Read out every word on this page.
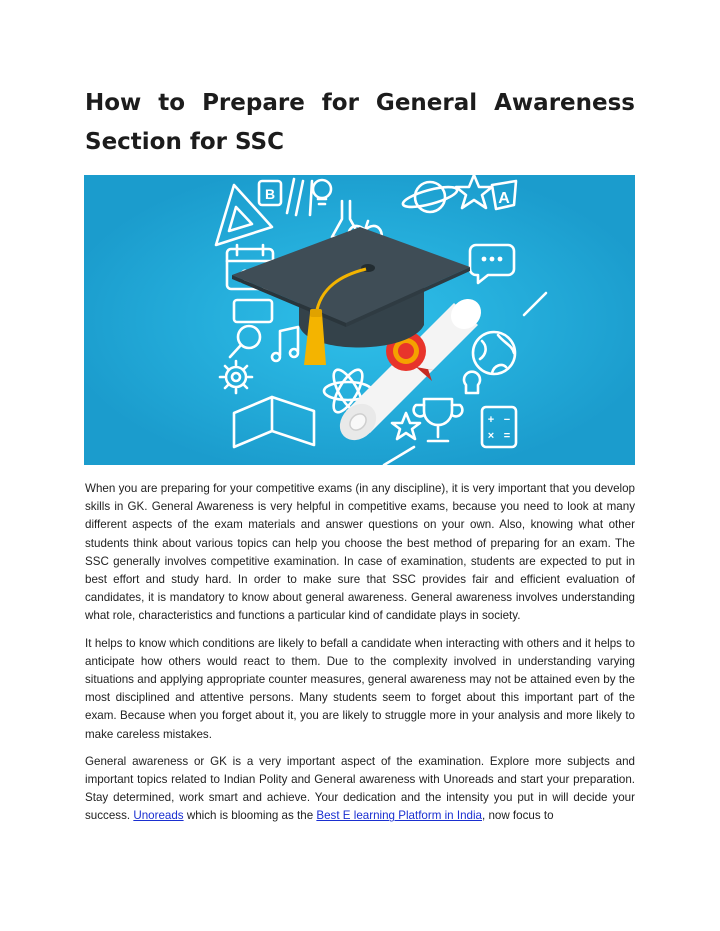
How to Prepare for General Awareness Section for SSC
B	A
+ −
× =

When you are preparing for your competitive exams (in any discipline), it is very important that you develop skills in GK. General Awareness is very helpful in competitive exams, because you need to look at many different aspects of the exam materials and answer questions on your own. Also, knowing what other students think about various topics can help you choose the best method of preparing for an exam. The SSC generally involves competitive examination. In case of examination, students are expected to put in best effort and study hard. In order to make sure that SSC provides fair and efficient evaluation of candidates, it is mandatory to know about general awareness. General awareness involves understanding what role, characteristics and functions a particular kind of candidate plays in society.

It helps to know which conditions are likely to befall a candidate when interacting with others and it helps to anticipate how others would react to them. Due to the complexity involved in understanding varying situations and applying appropriate counter measures, general awareness may not be attained even by the most disciplined and attentive persons. Many students seem to forget about this important part of the exam. Because when you forget about it, you are likely to struggle more in your analysis and more likely to make careless mistakes.

General awareness or GK is a very important aspect of the examination. Explore more subjects and important topics related to Indian Polity and General awareness with Unoreads and start your preparation. Stay determined, work smart and achieve. Your dedication and the intensity you put in will decide your success. Unoreads which is blooming as the Best E learning Platform in India, now focus to
